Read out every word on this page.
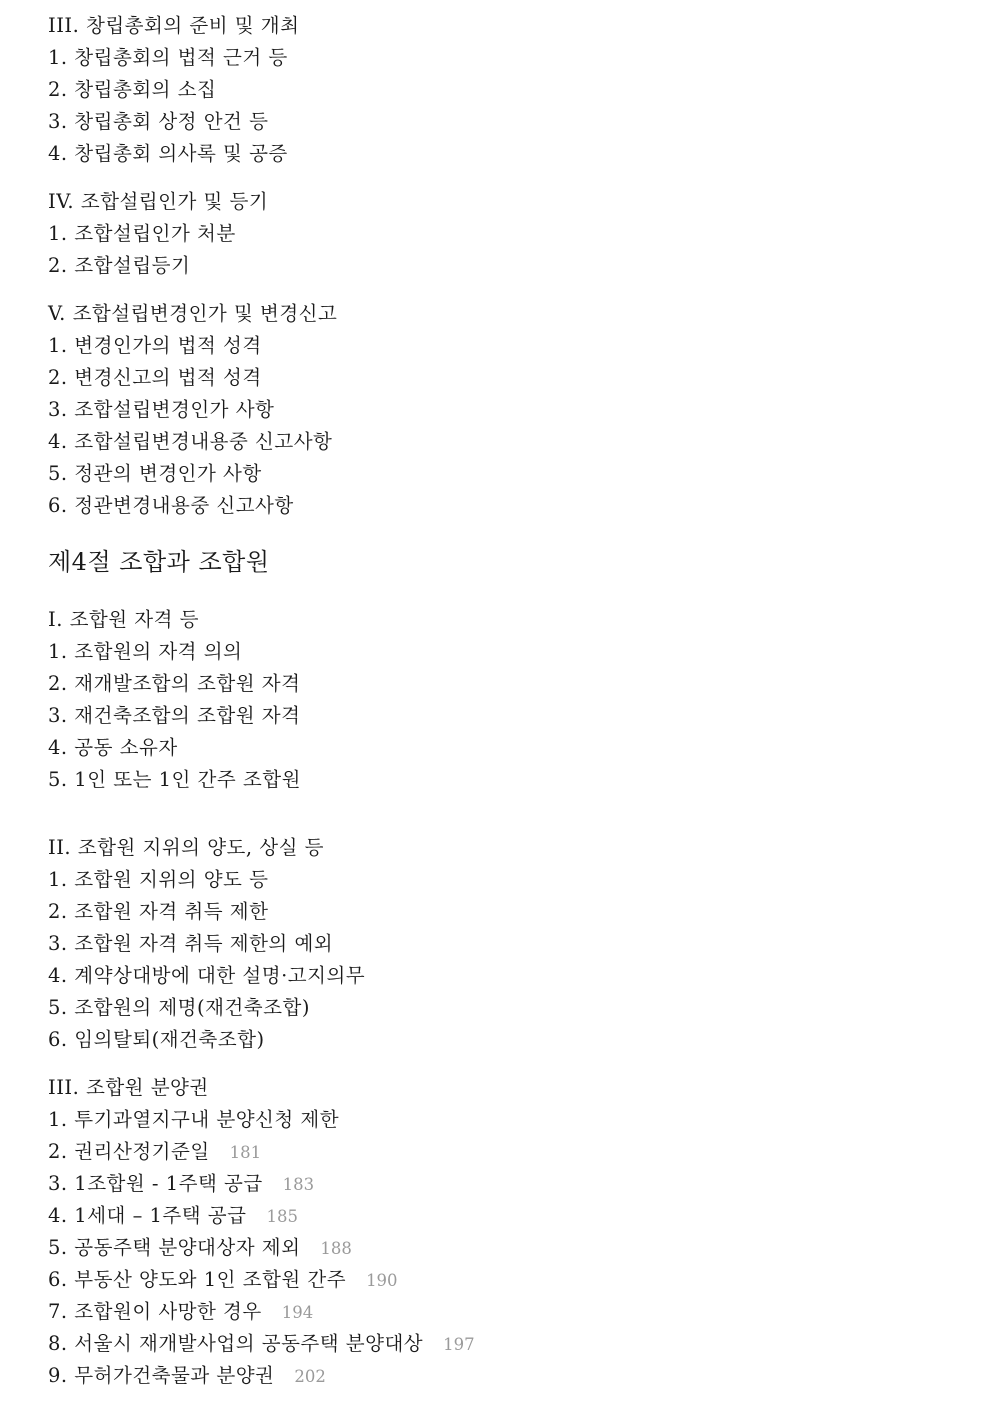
III. 창립총회의 준비 및 개최
1. 창립총회의 법적 근거 등
2. 창립총회의 소집
3. 창립총회 상정 안건 등
4. 창립총회 의사록 및 공증
IV. 조합설립인가 및 등기
1. 조합설립인가 처분
2. 조합설립등기
V. 조합설립변경인가 및 변경신고
1. 변경인가의 법적 성격
2. 변경신고의 법적 성격
3. 조합설립변경인가 사항
4. 조합설립변경내용중 신고사항
5. 정관의 변경인가 사항
6. 정관변경내용중 신고사항
제4절 조합과 조합원
I. 조합원 자격 등
1. 조합원의 자격 의의
2. 재개발조합의 조합원 자격
3. 재건축조합의 조합원 자격
4. 공동 소유자
5. 1인 또는 1인 간주 조합원
II. 조합원 지위의 양도, 상실 등
1. 조합원 지위의 양도 등
2. 조합원 자격 취득 제한
3. 조합원 자격 취득 제한의 예외
4. 계약상대방에 대한 설명·고지의무
5. 조합원의 제명(재건축조합)
6. 임의탈퇴(재건축조합)
III. 조합원 분양권
1. 투기과열지구내 분양신청 제한
2. 권리산정기준일 181
3. 1조합원 - 1주택 공급 183
4. 1세대 – 1주택 공급 185
5. 공동주택 분양대상자 제외 188
6. 부동산 양도와 1인 조합원 간주 190
7. 조합원이 사망한 경우 194
8. 서울시 재개발사업의 공동주택 분양대상 197
9. 무허가건축물과 분양권 202
